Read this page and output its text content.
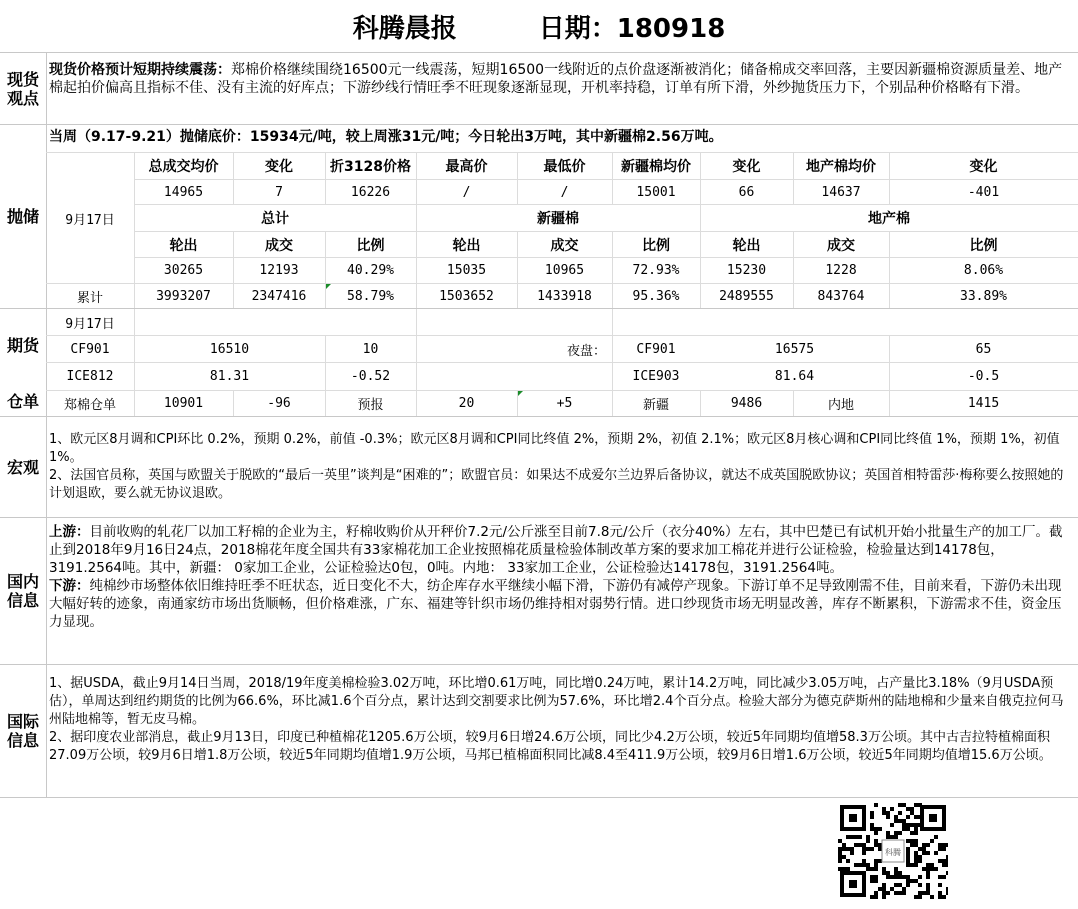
科腾晨报	日期：180918
现货观点
现货价格预计短期持续震荡：郑棉价格继续围绕16500元一线震荡，短期16500一线附近的点价盘逐渐被消化；储备棉成交率回落，主要因新疆棉资源质量差、地产棉起拍价偏高且指标不佳、没有主流的好库点；下游纱线行情旺季不旺现象逐渐显现，开机率持稳，订单有所下滑，外纱抛货压力下，个别品种价格略有下滑。
抛储
当周（9.17-9.21）抛储底价：15934元/吨，较上周涨31元/吨；今日轮出3万吨，其中新疆棉2.56万吨。
9月17日
总成交均价	变化	折3128价格	最高价	最低价	新疆棉均价	变化	地产棉均价	变化
14965	7	16226	/	/	15001	66	14637	-401
总计	新疆棉	地产棉
轮出	成交	比例	轮出	成交	比例	轮出	成交	比例
30265	12193	40.29%	15035	10965	72.93%	15230	1228	8.06%
累计	3993207	2347416	58.79%	1503652	1433918	95.36%	2489555	843764	33.89%
期货
仓单
9月17日
CF901	16510	10	夜盘：	CF901	16575	65
ICE812	81.31	-0.52	ICE903	81.64	-0.5
郑棉仓单	10901	-96	预报	20	+5	新疆	9486	内地	1415
宏观
1、欧元区8月调和CPI环比 0.2%，预期 0.2%，前值 -0.3%；欧元区8月调和CPI同比终值 2%，预期 2%，初值 2.1%；欧元区8月核心调和CPI同比终值 1%，预期 1%，初值 1%。
2、法国官员称，英国与欧盟关于脱欧的“最后一英里”谈判是“困难的”；欧盟官员：如果达不成爱尔兰边界后备协议，就达不成英国脱欧协议；英国首相特雷莎·梅称要么按照她的计划退欧，要么就无协议退欧。
国内信息
上游：目前收购的轧花厂以加工籽棉的企业为主，籽棉收购价从开秤价7.2元/公斤涨至目前7.8元/公斤（衣分40%）左右，其中巴楚已有试机开始小批量生产的加工厂。截止到2018年9月16日24点，2018棉花年度全国共有33家棉花加工企业按照棉花质量检验体制改革方案的要求加工棉花并进行公证检验，检验量达到14178包，3191.2564吨。其中，新疆： 0家加工企业，公证检验达0包，0吨。内地： 33家加工企业，公证检验达14178包，3191.2564吨。
下游：纯棉纱市场整体依旧维持旺季不旺状态，近日变化不大，纺企库存水平继续小幅下滑，下游仍有减停产现象。下游订单不足导致刚需不佳，目前来看，下游仍未出现大幅好转的迹象，南通家纺市场出货顺畅，但价格难涨，广东、福建等针织市场仍维持相对弱势行情。进口纱现货市场无明显改善，库存不断累积，下游需求不佳，资金压力显现。
国际信息
1、据USDA，截止9月14日当周，2018/19年度美棉检验3.02万吨，环比增0.61万吨，同比增0.24万吨，累计14.2万吨，同比减少3.05万吨，占产量比3.18%（9月USDA预估），单周达到纽约期货的比例为66.6%，环比减1.6个百分点，累计达到交割要求比例为57.6%，环比增2.4个百分点。检验大部分为德克萨斯州的陆地棉和少量来自俄克拉何马州陆地棉等，暂无皮马棉。
2、据印度农业部消息，截止9月13日，印度已种植棉花1205.6万公顷，较9月6日增24.6万公顷，同比少4.2万公顷，较近5年同期均值增58.3万公顷。其中古吉拉特植棉面积27.09万公顷，较9月6日增1.8万公顷，较近5年同期均值增1.9万公顷，马邦已植棉面积同比减8.4至411.9万公顷，较9月6日增1.6万公顷，较近5年同期均值增15.6万公顷。
科腾
